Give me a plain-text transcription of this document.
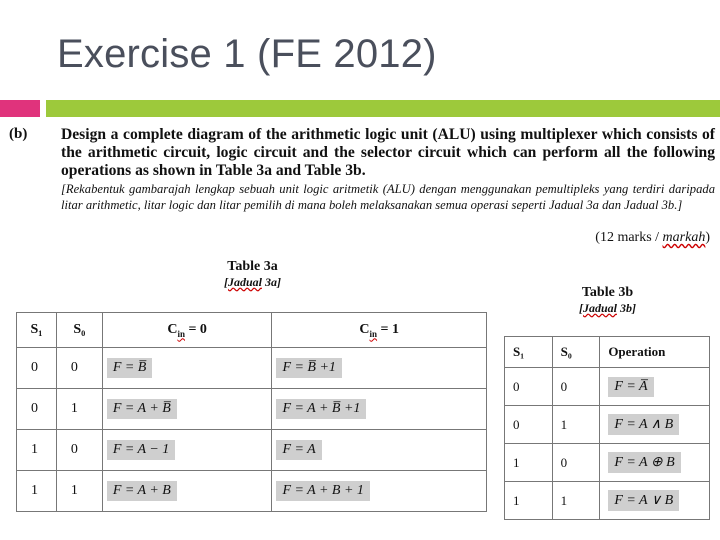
Exercise 1 (FE 2012)
(b) Design a complete diagram of the arithmetic logic unit (ALU) using multiplexer which consists of the arithmetic circuit, logic circuit and the selector circuit which can perform all the following operations as shown in Table 3a and Table 3b.
[Rekabentuk gambarajah lengkap sebuah unit logic aritmetik (ALU) dengan menggunakan pemultipleks yang terdiri daripada litar arithmetic, litar logic dan litar pemilih di mana boleh melaksanakan semua operasi seperti Jadual 3a dan Jadual 3b.]
(12 marks / markah)
Table 3a
[Jadual 3a]
S₁	S₀	$C_{in} = 0$	$C_{in} = 1$
0	0	F = B̅	F = B̅ +1
0	1	F = A + B̅	F = A + B̅ +1
1	0	F = A − 1	F = A
1	1	F = A + B	F = A + B + 1
Table 3b
[Jadual 3b]
S₁	S₀	Operation
0	0	F = A̅
0	1	F = A ∧ B
1	0	F = A ⊕ B
1	1	F = A ∨ B
